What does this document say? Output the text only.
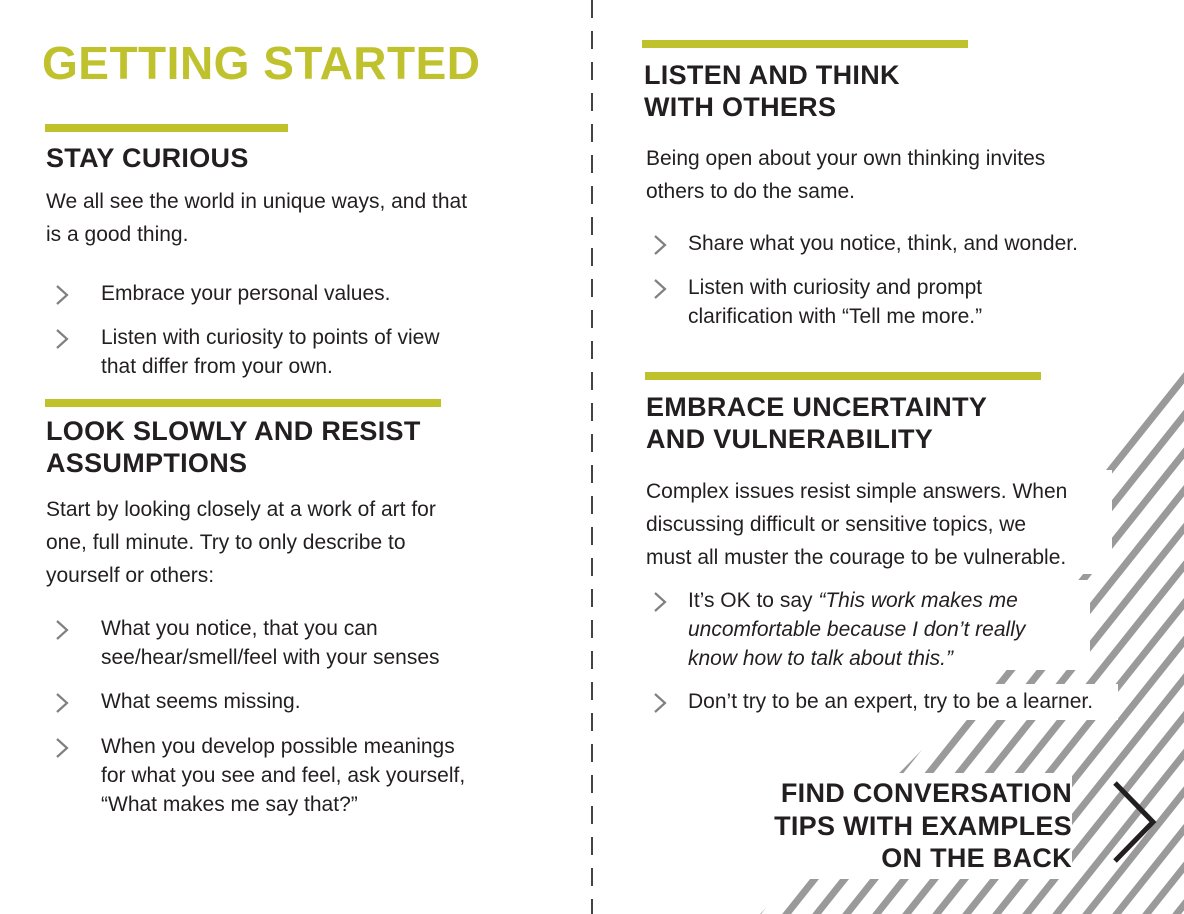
GETTING STARTED
STAY CURIOUS

We all see the world in unique ways, and that
is a good thing.

Embrace your personal values.
Listen with curiosity to points of view
that differ from your own.
LOOK SLOWLY AND RESIST
ASSUMPTIONS

Start by looking closely at a work of art for
one, full minute. Try to only describe to
yourself or others:

What you notice, that you can
see/hear/smell/feel with your senses
What seems missing.
When you develop possible meanings
for what you see and feel, ask yourself,
“What makes me say that?”
LISTEN AND THINK
WITH OTHERS

Being open about your own thinking invites
others to do the same.

Share what you notice, think, and wonder.
Listen with curiosity and prompt
clarification with “Tell me more.”
EMBRACE UNCERTAINTY
AND VULNERABILITY

Complex issues resist simple answers. When
discussing difficult or sensitive topics, we
must all muster the courage to be vulnerable.

It’s OK to say “This work makes me
uncomfortable because I don’t really
know how to talk about this.”
Don’t try to be an expert, try to be a learner.

FIND CONVERSATION
TIPS WITH EXAMPLES
ON THE BACK
